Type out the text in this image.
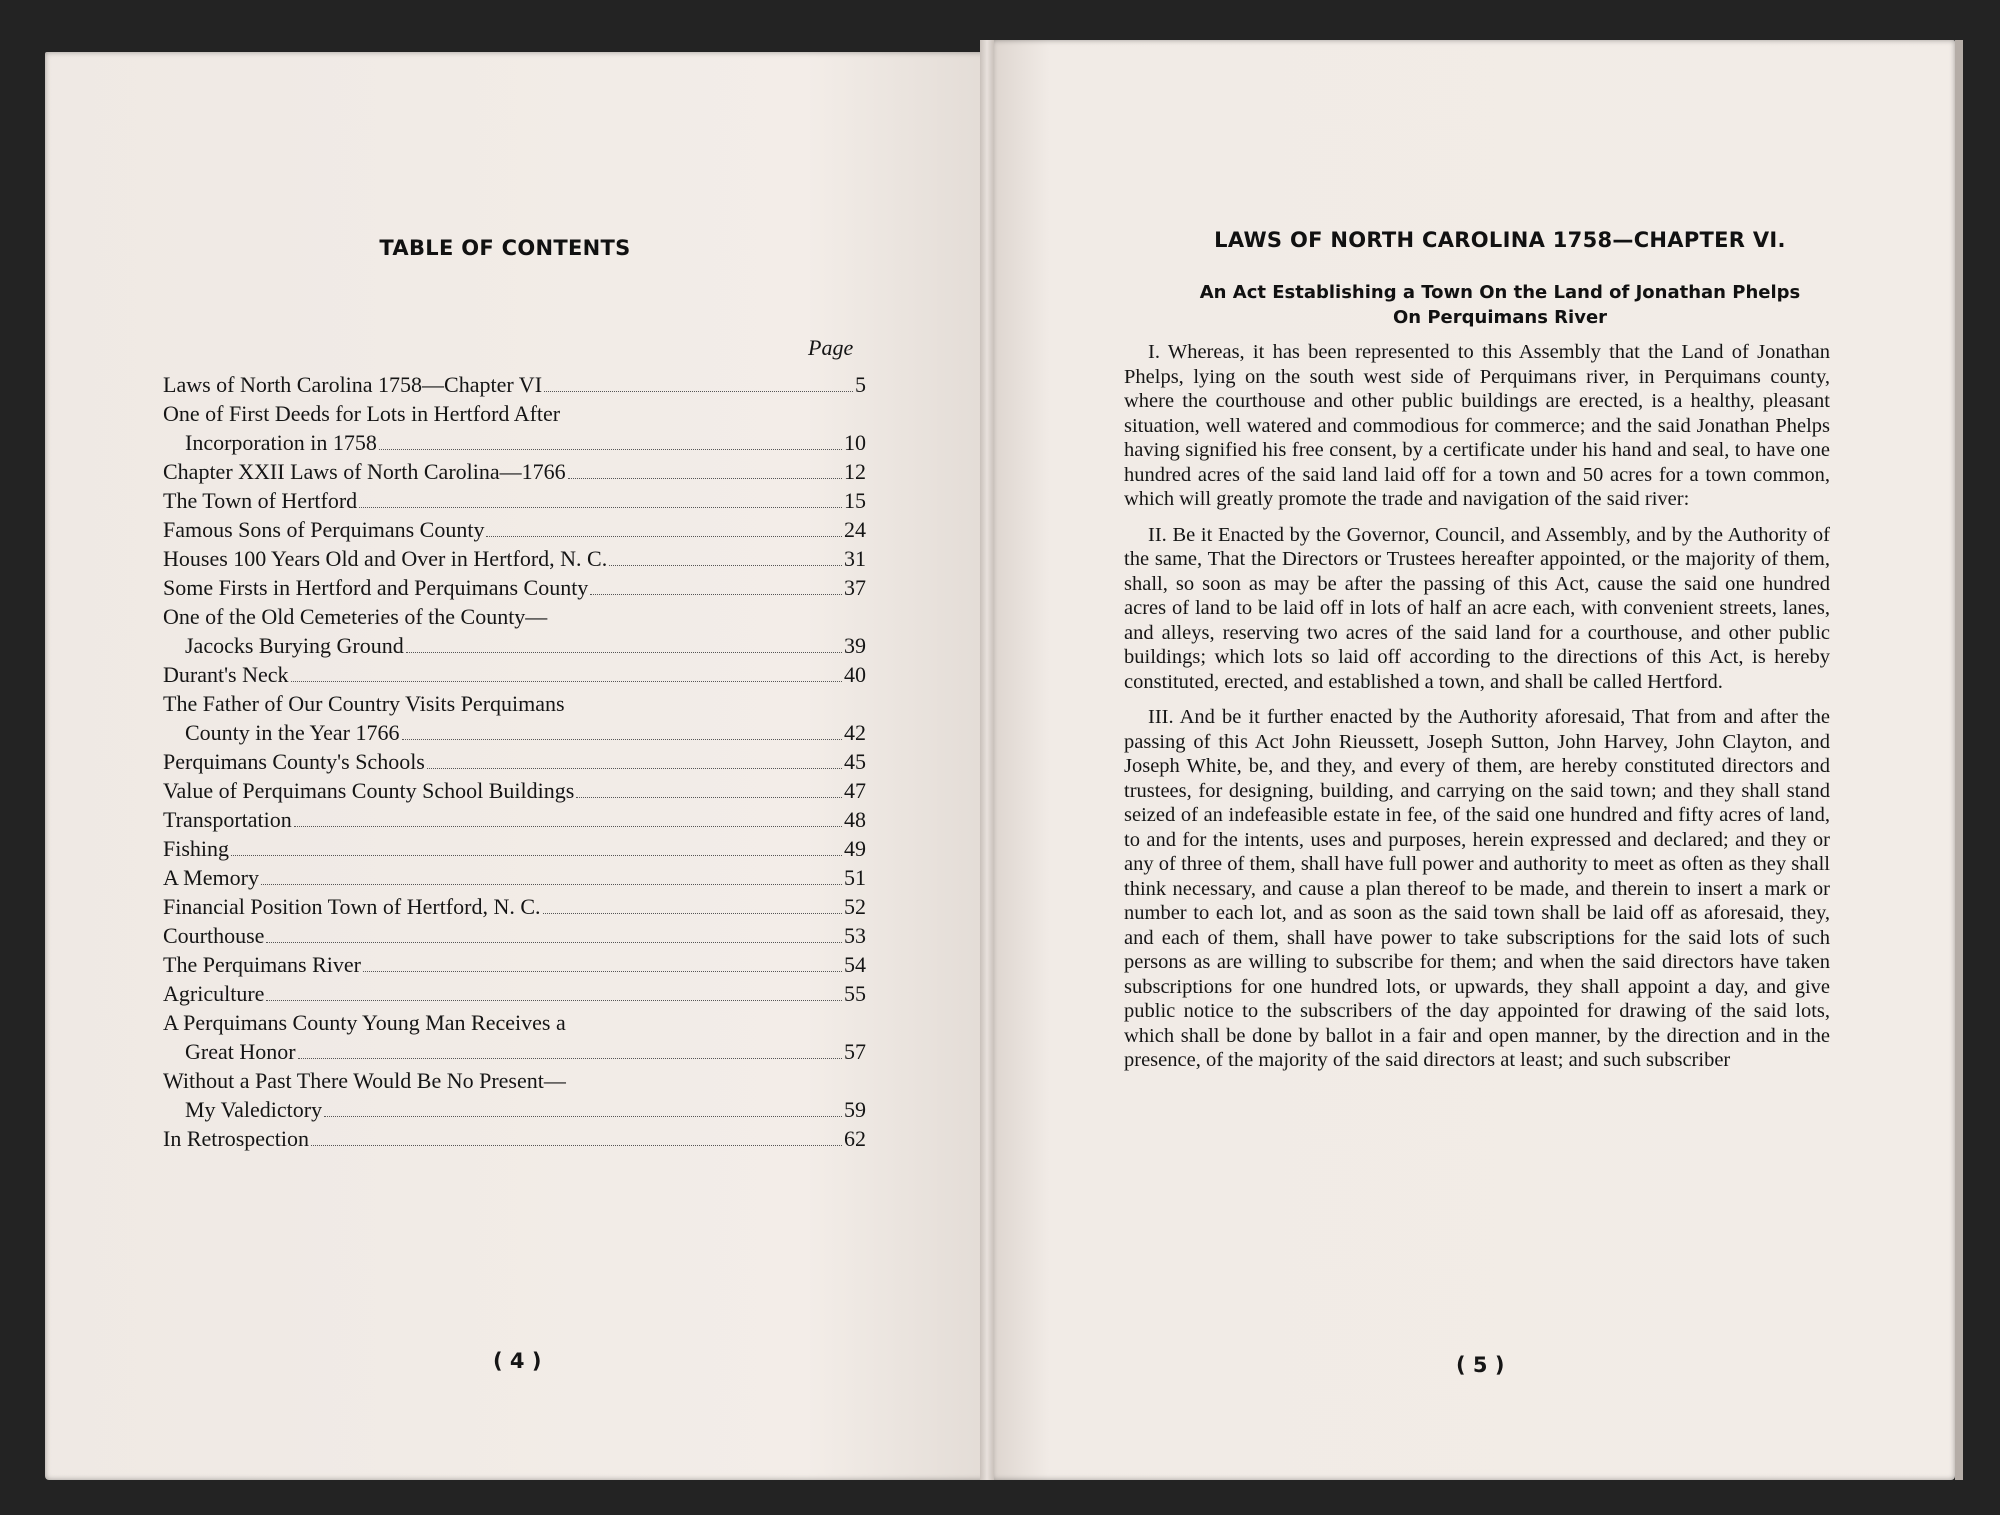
TABLE OF CONTENTS
Page
Laws of North Carolina 1758—Chapter VI	5
One of First Deeds for Lots in Hertford After
Incorporation in 1758	10
Chapter XXII Laws of North Carolina—1766	12
The Town of Hertford	15
Famous Sons of Perquimans County	24
Houses 100 Years Old and Over in Hertford, N. C.	31
Some Firsts in Hertford and Perquimans County	37
One of the Old Cemeteries of the County—
Jacocks Burying Ground	39
Durant's Neck	40
The Father of Our Country Visits Perquimans
County in the Year 1766	42
Perquimans County's Schools	45
Value of Perquimans County School Buildings	47
Transportation	48
Fishing	49
A Memory	51
Financial Position Town of Hertford, N. C.	52
Courthouse	53
The Perquimans River	54
Agriculture	55
A Perquimans County Young Man Receives a
Great Honor	57
Without a Past There Would Be No Present—
My Valedictory	59
In Retrospection	62
( 4 )
LAWS OF NORTH CAROLINA 1758—CHAPTER VI.
An Act Establishing a Town On the Land of Jonathan Phelps
On Perquimans River

I. Whereas, it has been represented to this Assembly that the Land of Jonathan Phelps, lying on the south west side of Perquimans river, in Perquimans county, where the courthouse and other public buildings are erected, is a healthy, pleasant situation, well watered and commodious for commerce; and the said Jonathan Phelps having signified his free consent, by a certificate under his hand and seal, to have one hundred acres of the said land laid off for a town and 50 acres for a town common, which will greatly promote the trade and navigation of the said river:

II. Be it Enacted by the Governor, Council, and Assembly, and by the Authority of the same, That the Directors or Trustees hereafter appointed, or the majority of them, shall, so soon as may be after the passing of this Act, cause the said one hundred acres of land to be laid off in lots of half an acre each, with convenient streets, lanes, and alleys, reserving two acres of the said land for a courthouse, and other public buildings; which lots so laid off according to the directions of this Act, is hereby constituted, erected, and established a town, and shall be called Hertford.

III. And be it further enacted by the Authority aforesaid, That from and after the passing of this Act John Rieussett, Joseph Sutton, John Harvey, John Clayton, and Joseph White, be, and they, and every of them, are hereby constituted directors and trustees, for designing, building, and carrying on the said town; and they shall stand seized of an indefeasible estate in fee, of the said one hundred and fifty acres of land, to and for the intents, uses and purposes, herein expressed and declared; and they or any of three of them, shall have full power and authority to meet as often as they shall think necessary, and cause a plan thereof to be made, and therein to insert a mark or number to each lot, and as soon as the said town shall be laid off as aforesaid, they, and each of them, shall have power to take subscriptions for the said lots of such persons as are willing to subscribe for them; and when the said directors have taken subscriptions for one hundred lots, or upwards, they shall appoint a day, and give public notice to the subscribers of the day appointed for drawing of the said lots, which shall be done by ballot in a fair and open manner, by the direction and in the presence, of the majority of the said directors at least; and such subscriber

( 5 )
